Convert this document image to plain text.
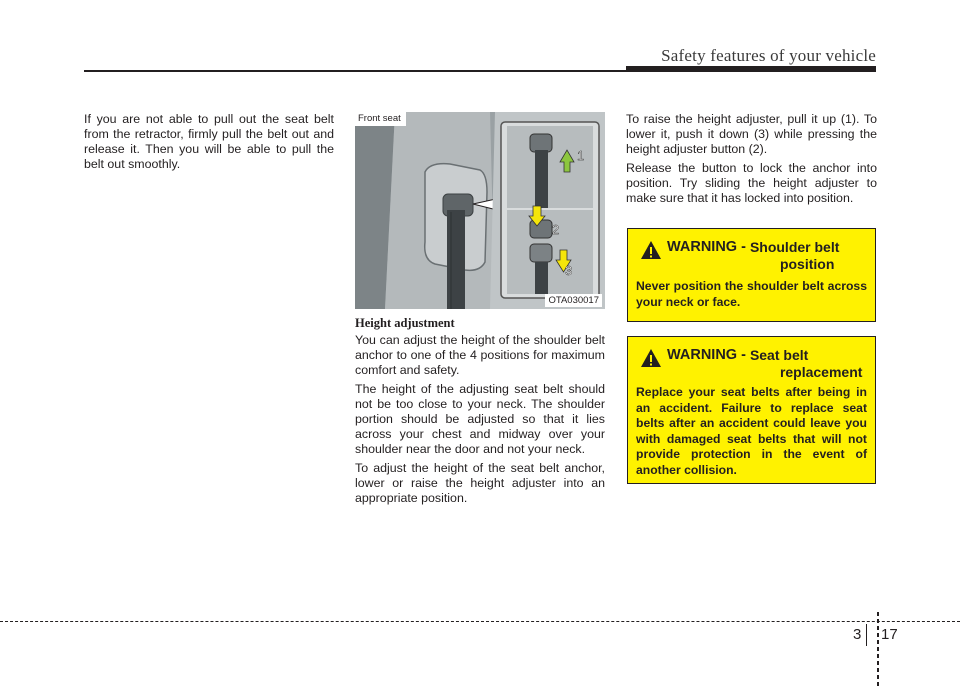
Safety features of your vehicle

If you are not able to pull out the seat belt from the retractor, firmly pull the belt out and release it. Then you will be able to pull the belt out smoothly.

1
2
3
Front seat
OTA030017
Height adjustment

You can adjust the height of the shoulder belt anchor to one of the 4 positions for maximum comfort and safety.

The height of the adjusting seat belt should not be too close to your neck. The shoulder portion should be adjusted so that it lies across your chest and midway over your shoulder near the door and not your neck.

To adjust the height of the seat belt anchor, lower or raise the height adjuster into an appropriate position.

To raise the height adjuster, pull it up (1). To lower it, push it down (3) while pressing the height adjuster button (2).

Release the button to lock the anchor into position. Try sliding the height adjuster to make sure that it has locked into position.

WARNING - Shoulder belt
position
Never position the shoulder belt across your neck or face.
WARNING - Seat belt
replacement
Replace your seat belts after being in an accident. Failure to replace seat belts after an accident could leave you with damaged seat belts that will not provide protection in the event of another collision.
3 17
